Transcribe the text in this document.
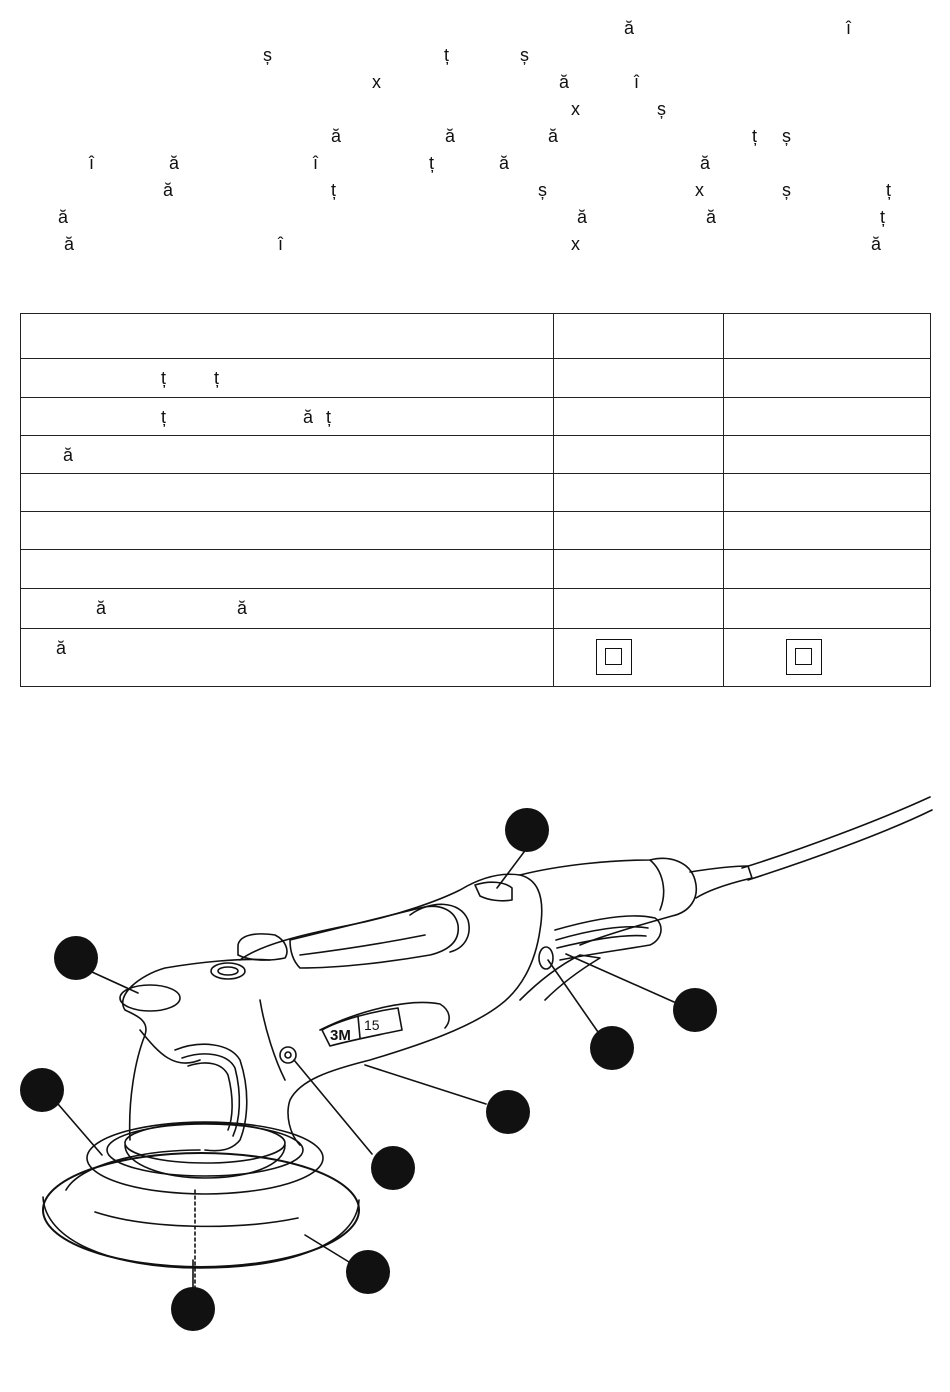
ă	î
ș	ț	ș
x	ă	î
x	ș
ă	ă	ă	ț ș
î	ă	î	ț	ă	ă
ă	ț	ș	x	ș	ț
ă	ă	ă	ț
ă	î	x	ă

ț ț		

ț ă ț		

ă		

ă ă		

ă		

3M
15
